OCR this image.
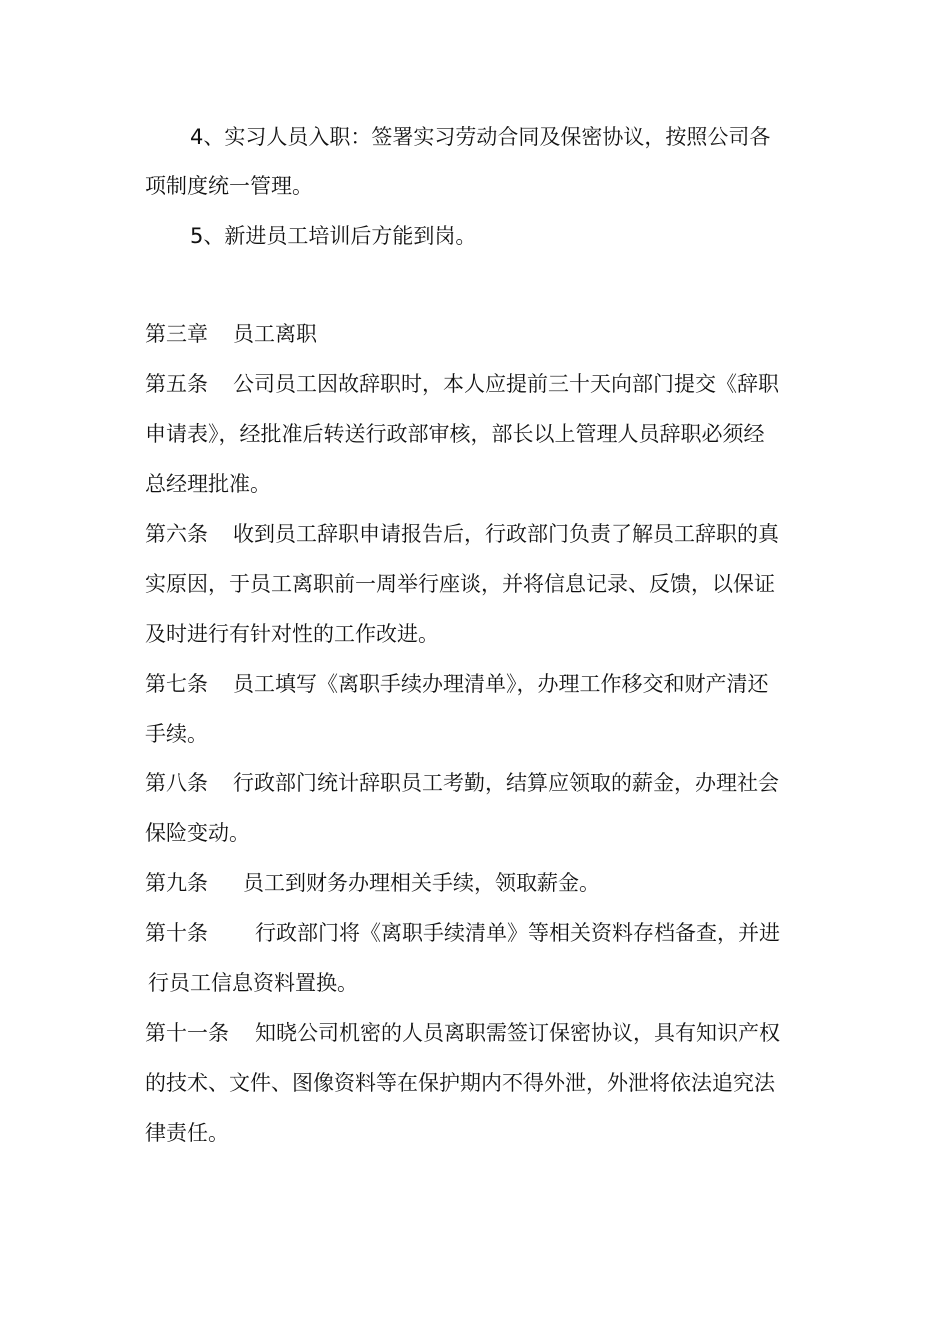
4、实习人员入职：签署实习劳动合同及保密协议，按照公司各
项制度统一管理。
5、新进员工培训后方能到岗。
第三章 员工离职
第五条 公司员工因故辞职时，本人应提前三十天向部门提交《辞职
申请表》，经批准后转送行政部审核，部长以上管理人员辞职必须经
总经理批准。
第六条 收到员工辞职申请报告后，行政部门负责了解员工辞职的真
实原因，于员工离职前一周举行座谈，并将信息记录、反馈，以保证
及时进行有针对性的工作改进。
第七条 员工填写《离职手续办理清单》，办理工作移交和财产清还
手续。
第八条 行政部门统计辞职员工考勤，结算应领取的薪金，办理社会
保险变动。
第九条 员工到财务办理相关手续，领取薪金。
第十条 行政部门将《离职手续清单》等相关资料存档备查，并进
行员工信息资料置换。
第十一条 知晓公司机密的人员离职需签订保密协议，具有知识产权
的技术、文件、图像资料等在保护期内不得外泄，外泄将依法追究法
律责任。
